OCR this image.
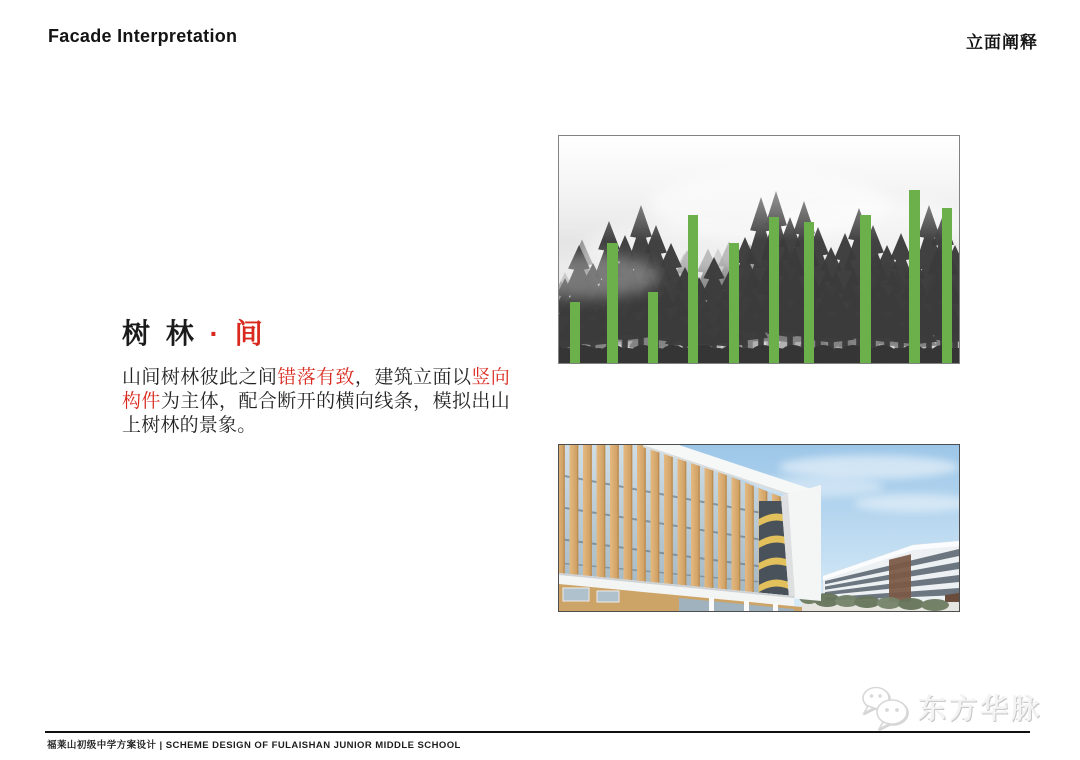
Facade Interpretation	立面阐释
树 林 · 间

山间树林彼此之间错落有致，建筑立面以竖向构件为主体，配合断开的横向线条，模拟出山上树林的景象。

福莱山初级中学方案设计 | SCHEME DESIGN OF FULAISHAN JUNIOR MIDDLE SCHOOL
东方华脉
